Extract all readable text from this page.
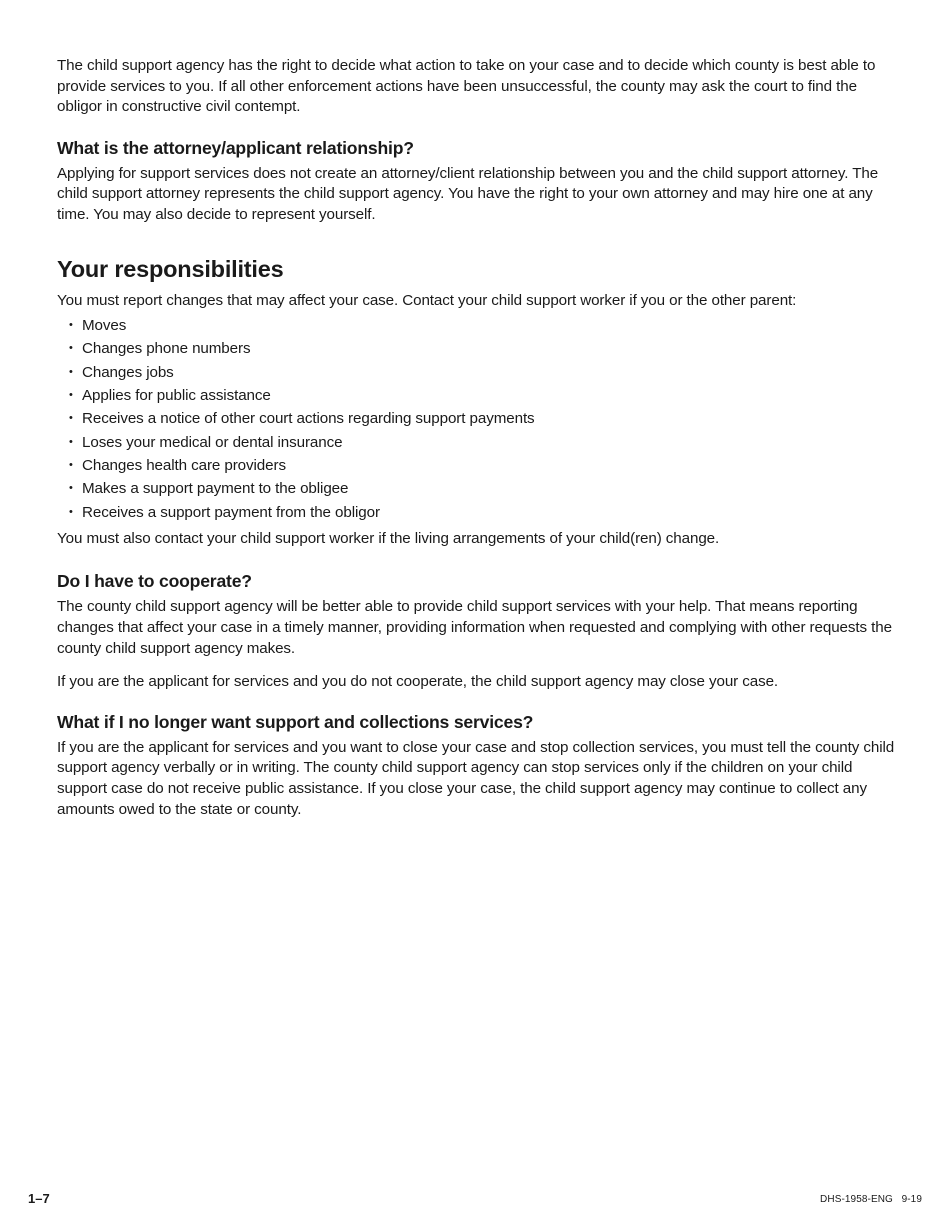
The child support agency has the right to decide what action to take on your case and to decide which county is best able to provide services to you. If all other enforcement actions have been unsuccessful, the county may ask the court to find the obligor in constructive civil contempt.

What is the attorney/applicant relationship?

Applying for support services does not create an attorney/client relationship between you and the child support attorney. The child support attorney represents the child support agency. You have the right to your own attorney and may hire one at any time. You may also decide to represent yourself.

Your responsibilities

You must report changes that may affect your case. Contact your child support worker if you or the other parent:

• Moves
• Changes phone numbers
• Changes jobs
• Applies for public assistance
• Receives a notice of other court actions regarding support payments
• Loses your medical or dental insurance
• Changes health care providers
• Makes a support payment to the obligee
• Receives a support payment from the obligor

You must also contact your child support worker if the living arrangements of your child(ren) change.

Do I have to cooperate?

The county child support agency will be better able to provide child support services with your help. That means reporting changes that affect your case in a timely manner, providing information when requested and complying with other requests the county child support agency makes.

If you are the applicant for services and you do not cooperate, the child support agency may close your case.

What if I no longer want support and collections services?

If you are the applicant for services and you want to close your case and stop collection services, you must tell the county child support agency verbally or in writing. The county child support agency can stop services only if the children on your child support case do not receive public assistance. If you close your case, the child support agency may continue to collect any amounts owed to the state or county.

1–7	DHS-1958-ENG   9-19
